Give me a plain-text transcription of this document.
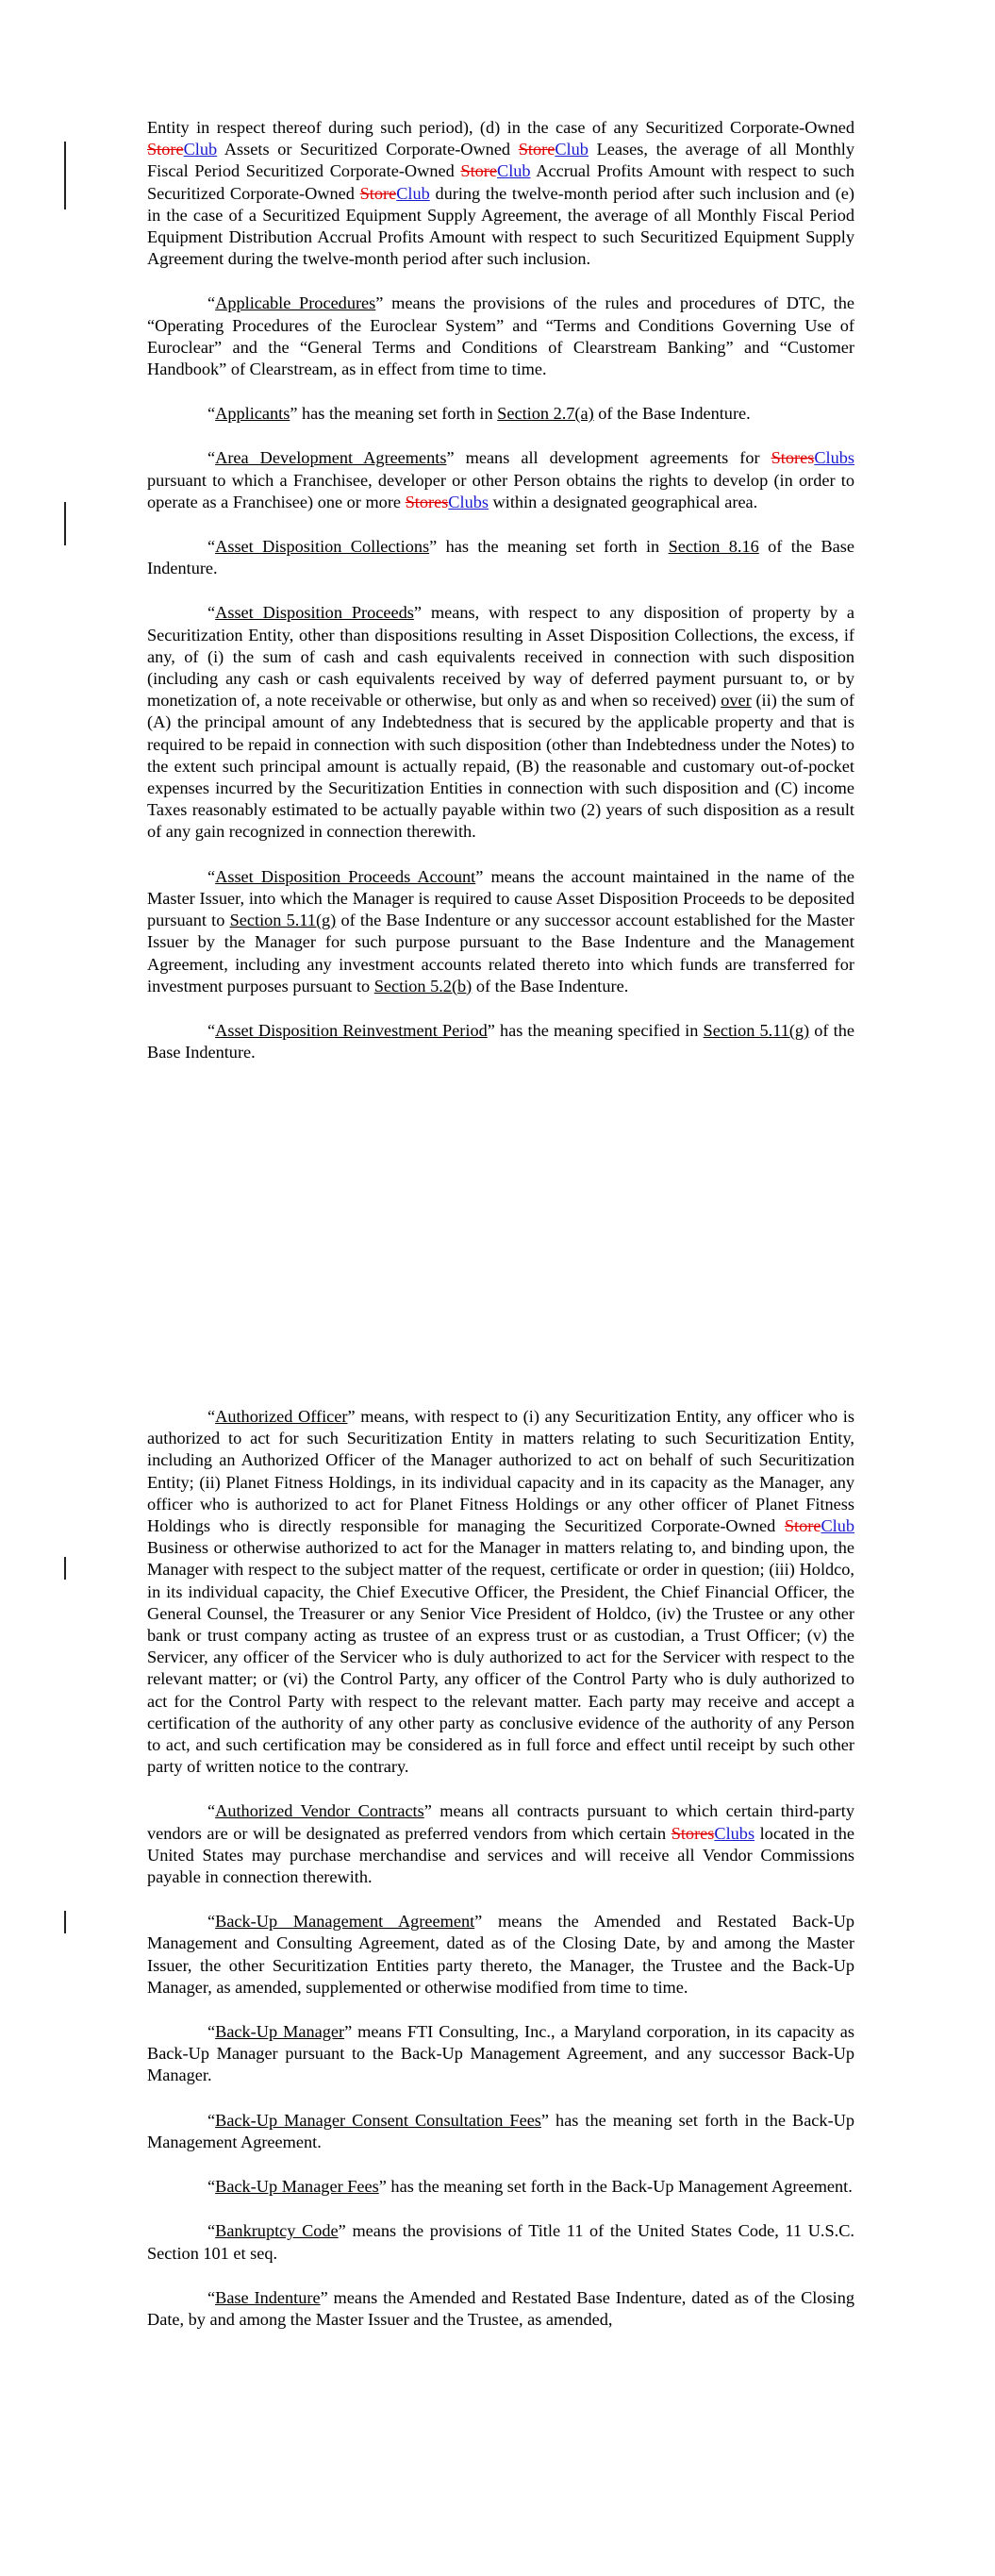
Entity in respect thereof during such period), (d) in the case of any Securitized Corporate-Owned StoreClub Assets or Securitized Corporate-Owned StoreClub Leases, the average of all Monthly Fiscal Period Securitized Corporate-Owned StoreClub Accrual Profits Amount with respect to such Securitized Corporate-Owned StoreClub during the twelve-month period after such inclusion and (e) in the case of a Securitized Equipment Supply Agreement, the average of all Monthly Fiscal Period Equipment Distribution Accrual Profits Amount with respect to such Securitized Equipment Supply Agreement during the twelve-month period after such inclusion.

“Applicable Procedures” means the provisions of the rules and procedures of DTC, the “Operating Procedures of the Euroclear System” and “Terms and Conditions Governing Use of Euroclear” and the “General Terms and Conditions of Clearstream Banking” and “Customer Handbook” of Clearstream, as in effect from time to time.

“Applicants” has the meaning set forth in Section 2.7(a) of the Base Indenture.

“Area Development Agreements” means all development agreements for StoresClubs pursuant to which a Franchisee, developer or other Person obtains the rights to develop (in order to operate as a Franchisee) one or more StoresClubs within a designated geographical area.

“Asset Disposition Collections” has the meaning set forth in Section 8.16 of the Base Indenture.

“Asset Disposition Proceeds” means, with respect to any disposition of property by a Securitization Entity, other than dispositions resulting in Asset Disposition Collections, the excess, if any, of (i) the sum of cash and cash equivalents received in connection with such disposition (including any cash or cash equivalents received by way of deferred payment pursuant to, or by monetization of, a note receivable or otherwise, but only as and when so received) over (ii) the sum of (A) the principal amount of any Indebtedness that is secured by the applicable property and that is required to be repaid in connection with such disposition (other than Indebtedness under the Notes) to the extent such principal amount is actually repaid, (B) the reasonable and customary out-of-pocket expenses incurred by the Securitization Entities in connection with such disposition and (C) income Taxes reasonably estimated to be actually payable within two (2) years of such disposition as a result of any gain recognized in connection therewith.

“Asset Disposition Proceeds Account” means the account maintained in the name of the Master Issuer, into which the Manager is required to cause Asset Disposition Proceeds to be deposited pursuant to Section 5.11(g) of the Base Indenture or any successor account established for the Master Issuer by the Manager for such purpose pursuant to the Base Indenture and the Management Agreement, including any investment accounts related thereto into which funds are transferred for investment purposes pursuant to Section 5.2(b) of the Base Indenture.

“Asset Disposition Reinvestment Period” has the meaning specified in Section 5.11(g) of the Base Indenture.

“Authorized Officer” means, with respect to (i) any Securitization Entity, any officer who is authorized to act for such Securitization Entity in matters relating to such Securitization Entity, including an Authorized Officer of the Manager authorized to act on behalf of such Securitization Entity; (ii) Planet Fitness Holdings, in its individual capacity and in its capacity as the Manager, any officer who is authorized to act for Planet Fitness Holdings or any other officer of Planet Fitness Holdings who is directly responsible for managing the Securitized Corporate-Owned StoreClub Business or otherwise authorized to act for the Manager in matters relating to, and binding upon, the Manager with respect to the subject matter of the request, certificate or order in question; (iii) Holdco, in its individual capacity, the Chief Executive Officer, the President, the Chief Financial Officer, the General Counsel, the Treasurer or any Senior Vice President of Holdco, (iv) the Trustee or any other bank or trust company acting as trustee of an express trust or as custodian, a Trust Officer; (v) the Servicer, any officer of the Servicer who is duly authorized to act for the Servicer with respect to the relevant matter; or (vi) the Control Party, any officer of the Control Party who is duly authorized to act for the Control Party with respect to the relevant matter. Each party may receive and accept a certification of the authority of any other party as conclusive evidence of the authority of any Person to act, and such certification may be considered as in full force and effect until receipt by such other party of written notice to the contrary.

“Authorized Vendor Contracts” means all contracts pursuant to which certain third-party vendors are or will be designated as preferred vendors from which certain StoresClubs located in the United States may purchase merchandise and services and will receive all Vendor Commissions payable in connection therewith.

“Back-Up Management Agreement” means the Amended and Restated Back-Up Management and Consulting Agreement, dated as of the Closing Date, by and among the Master Issuer, the other Securitization Entities party thereto, the Manager, the Trustee and the Back-Up Manager, as amended, supplemented or otherwise modified from time to time.

“Back-Up Manager” means FTI Consulting, Inc., a Maryland corporation, in its capacity as Back-Up Manager pursuant to the Back-Up Management Agreement, and any successor Back-Up Manager.

“Back-Up Manager Consent Consultation Fees” has the meaning set forth in the Back-Up Management Agreement.

“Back-Up Manager Fees” has the meaning set forth in the Back-Up Management Agreement.

“Bankruptcy Code” means the provisions of Title 11 of the United States Code, 11 U.S.C. Section 101 et seq.

“Base Indenture” means the Amended and Restated Base Indenture, dated as of the Closing Date, by and among the Master Issuer and the Trustee, as amended,
